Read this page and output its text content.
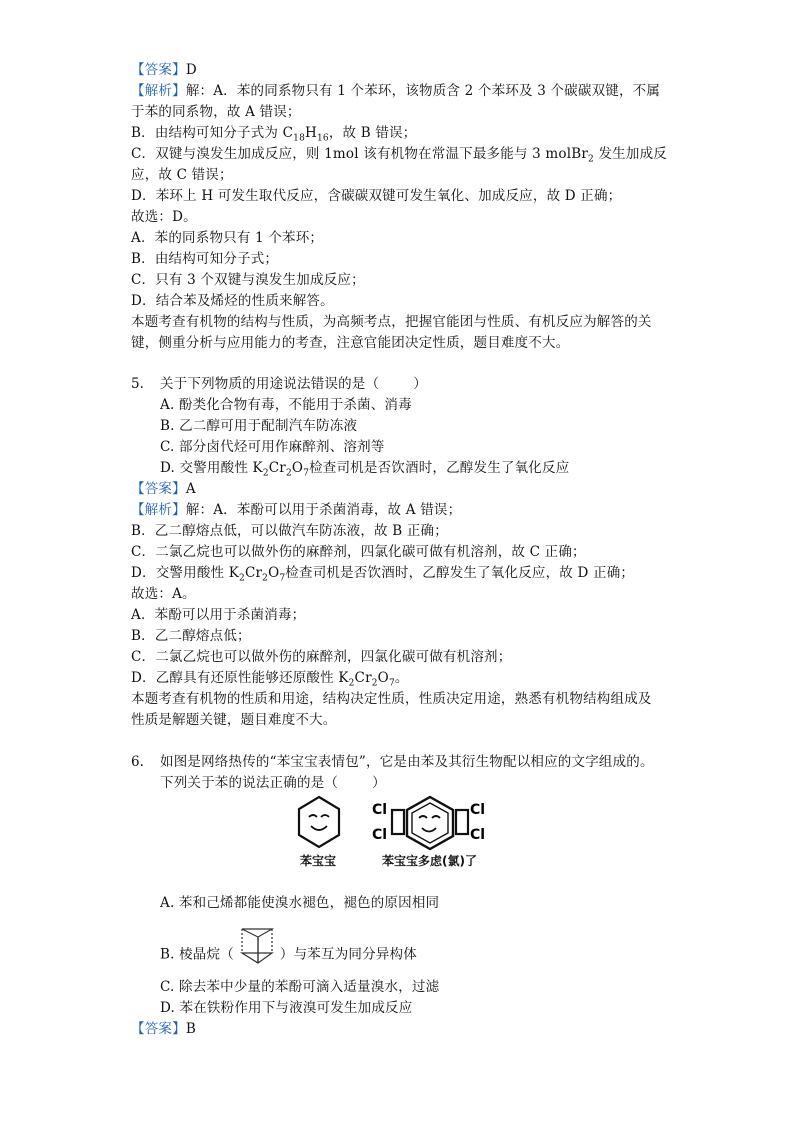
【答案】D
【解析】解：A．苯的同系物只有 1 个苯环，该物质含 2 个苯环及 3 个碳碳双键，不属
于苯的同系物，故 A 错误；
B．由结构可知分子式为 $C_{18}H_{16}$，故 B 错误；
C．双键与溴发生加成反应，则 1mol 该有机物在常温下最多能与 3 molBr$_2$ 发生加成反
应，故 C 错误；
D．苯环上 H 可发生取代反应，含碳碳双键可发生氧化、加成反应，故 D 正确；
故选：D。
A．苯的同系物只有 1 个苯环；
B．由结构可知分子式；
C．只有 3 个双键与溴发生加成反应；
D．结合苯及烯烃的性质来解答。
本题考查有机物的结构与性质，为高频考点，把握官能团与性质、有机反应为解答的关
键，侧重分析与应用能力的考查，注意官能团决定性质，题目难度不大。
5. 关于下列物质的用途说法错误的是（	）
A. 酚类化合物有毒，不能用于杀菌、消毒
B. 乙二醇可用于配制汽车防冻液
C. 部分卤代烃可用作麻醉剂、溶剂等
D. 交警用酸性 $K_2Cr_2O_7$检查司机是否饮酒时，乙醇发生了氧化反应
【答案】A
【解析】解：A．苯酚可以用于杀菌消毒，故 A 错误；
B．乙二醇熔点低，可以做汽车防冻液，故 B 正确；
C．二氯乙烷也可以做外伤的麻醉剂，四氯化碳可做有机溶剂，故 C 正确；
D．交警用酸性 $K_2Cr_2O_7$检查司机是否饮酒时，乙醇发生了氧化反应，故 D 正确；
故选：A。
A．苯酚可以用于杀菌消毒；
B．乙二醇熔点低；
C．二氯乙烷也可以做外伤的麻醉剂，四氯化碳可做有机溶剂；
D．乙醇具有还原性能够还原酸性 $K_2Cr_2O_7$。
本题考查有机物的性质和用途，结构决定性质，性质决定用途，熟悉有机物结构组成及
性质是解题关键，题目难度不大。
6. 如图是网络热传的“苯宝宝表情包”，它是由苯及其衍生物配以相应的文字组成的。
下列关于苯的说法正确的是（	）
苯宝宝
Cl
Cl
Cl
Cl
苯宝宝多虑(氯)了
A. 苯和己烯都能使溴水褪色，褪色的原因相同
B. 棱晶烷（	）与苯互为同分异构体
C. 除去苯中少量的苯酚可滴入适量溴水，过滤
D. 苯在铁粉作用下与液溴可发生加成反应
【答案】B
